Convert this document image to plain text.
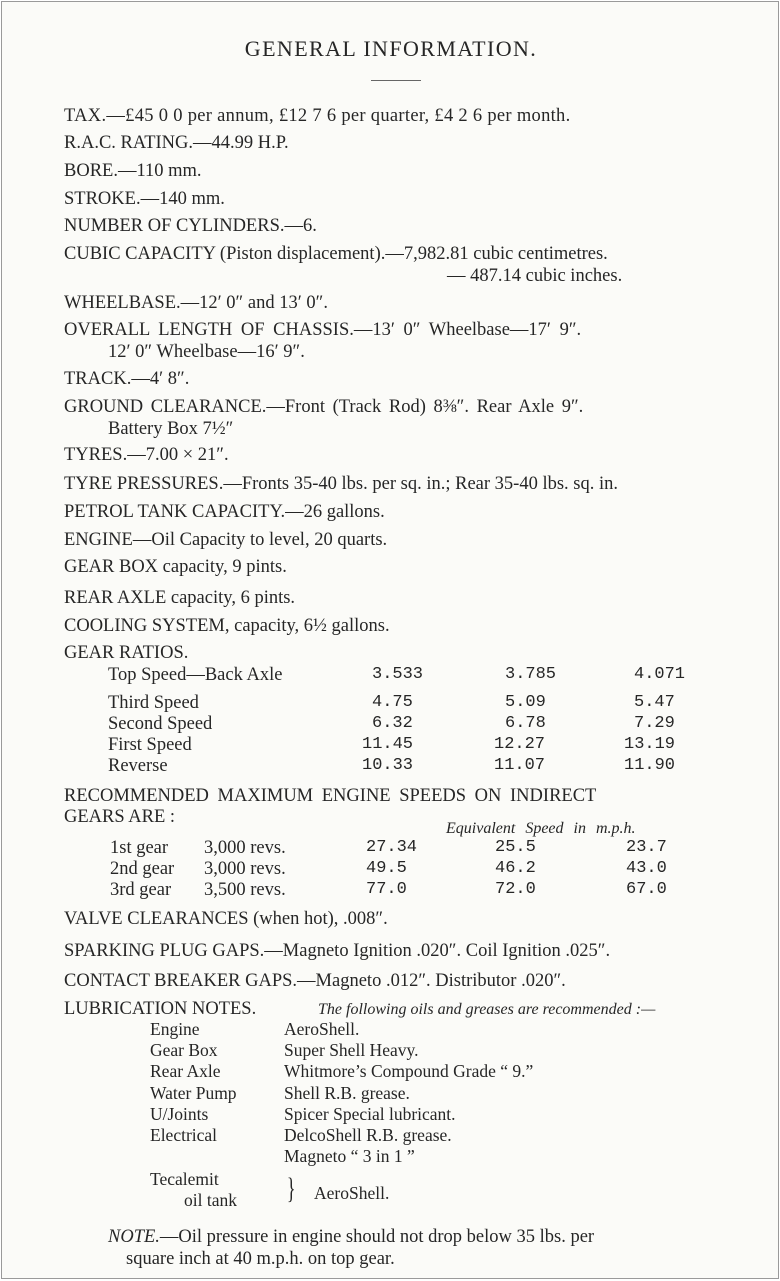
GENERAL INFORMATION.
TAX.—£45 0 0 per annum, £12 7 6 per quarter, £4 2 6 per month.
R.A.C. RATING.—44.99 H.P.
BORE.—110 mm.
STROKE.—140 mm.
NUMBER OF CYLINDERS.—6.
CUBIC CAPACITY (Piston displacement).—7,982.81 cubic centimetres.
— 487.14 cubic inches.
WHEELBASE.—12′ 0″ and 13′ 0″.
OVERALL LENGTH OF CHASSIS.—13′ 0″ Wheelbase—17′ 9″.
12′ 0″ Wheelbase—16′ 9″.
TRACK.—4′ 8″.
GROUND CLEARANCE.—Front (Track Rod) 8⅜″. Rear Axle 9″.
Battery Box 7½″
TYRES.—7.00 × 21″.
TYRE PRESSURES.—Fronts 35-40 lbs. per sq. in.; Rear 35-40 lbs. sq. in.
PETROL TANK CAPACITY.—26 gallons.
ENGINE—Oil Capacity to level, 20 quarts.
GEAR BOX capacity, 9 pints.
REAR AXLE capacity, 6 pints.
COOLING SYSTEM, capacity, 6½ gallons.
GEAR RATIOS.
Top Speed—Back Axle	3.533	3.785	4.071
Third Speed	4.75	5.09	5.47
Second Speed	6.32	6.78	7.29
First Speed	11.45	12.27	13.19
Reverse	10.33	11.07	11.90
RECOMMENDED MAXIMUM ENGINE SPEEDS ON INDIRECT
GEARS ARE :
Equivalent Speed in m.p.h.
1st gear 3,000 revs.	27.34	25.5	23.7
2nd gear 3,000 revs.	49.5	46.2	43.0
3rd gear 3,500 revs.	77.0	72.0	67.0
VALVE CLEARANCES (when hot), .008″.
SPARKING PLUG GAPS.—Magneto Ignition .020″. Coil Ignition .025″.
CONTACT BREAKER GAPS.—Magneto .012″. Distributor .020″.
LUBRICATION NOTES.	The following oils and greases are recommended :—
Engine	AeroShell.
Gear Box	Super Shell Heavy.
Rear Axle	Whitmore’s Compound Grade “ 9.”
Water Pump	Shell R.B. grease.
U/Joints	Spicer Special lubricant.
Electrical	DelcoShell R.B. grease.
Magneto “ 3 in 1 ”
Tecalemit
oil tank } AeroShell.
NOTE.—Oil pressure in engine should not drop below 35 lbs. per
square inch at 40 m.p.h. on top gear.
